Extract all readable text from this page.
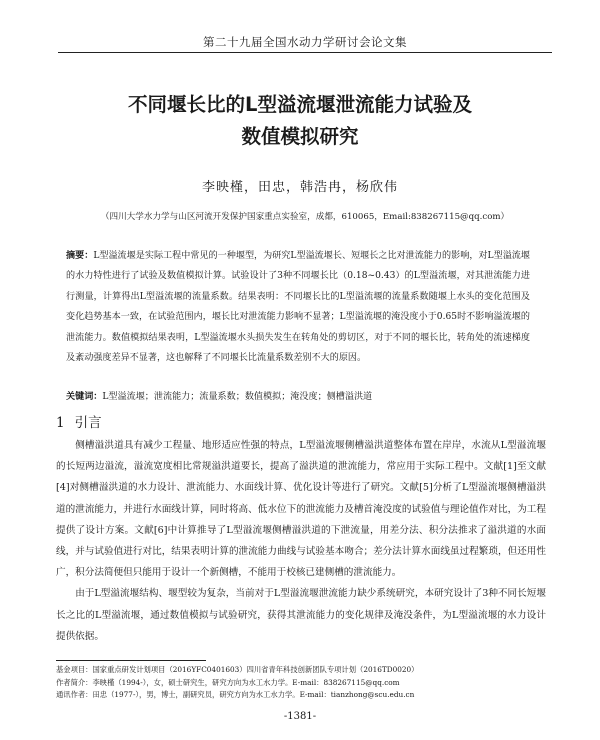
第二十九届全国水动力学研讨会论文集
不同堰长比的L型溢流堰泄流能力试验及
数值模拟研究
李映槿，田忠，韩浩冉，杨欣伟
（四川大学水力学与山区河流开发保护国家重点实验室，成都，610065，Email:838267115@qq.com）
摘要：L型溢流堰是实际工程中常见的一种堰型，为研究L型溢流堰长、短堰长之比对泄流能力的影响，对L型溢流堰的水力特性进行了试验及数值模拟计算。试验设计了3种不同堰长比（0.18~0.43）的L型溢流堰，对其泄流能力进行测量，计算得出L型溢流堰的流量系数。结果表明：不同堰长比的L型溢流堰的流量系数随堰上水头的变化范围及变化趋势基本一致，在试验范围内，堰长比对泄流能力影响不显著；L型溢流堰的淹没度小于0.65时不影响溢流堰的泄流能力。数值模拟结果表明，L型溢流堰水头损失发生在转角处的剪切区，对于不同的堰长比，转角处的流速梯度及紊动强度差异不显著，这也解释了不同堰长比流量系数差别不大的原因。
关键词：L型溢流堰；泄流能力；流量系数；数值模拟；淹没度；侧槽溢洪道
1 引言

侧槽溢洪道具有减少工程量、地形适应性强的特点，L型溢流堰侧槽溢洪道整体布置在岸岸，水流从L型溢流堰的长短两边溢流，溢流宽度相比常规溢洪道要长，提高了溢洪道的泄流能力，常应用于实际工程中。文献[1]至文献[4]对侧槽溢洪道的水力设计、泄流能力、水面线计算、优化设计等进行了研究。文献[5]分析了L型溢流堰侧槽溢洪道的泄流能力，并进行水面线计算，同时将高、低水位下的泄流能力及槽首淹没度的试验值与理论值作对比，为工程提供了设计方案。文献[6]中计算推导了L型溢流堰侧槽溢洪道的下泄流量，用差分法、积分法推求了溢洪道的水面线，并与试验值进行对比，结果表明计算的泄流能力曲线与试验基本吻合；差分法计算水面线虽过程繁琐，但还用性广，积分法简便但只能用于设计一个新侧槽，不能用于校核已建侧槽的泄流能力。

由于L型溢流堰结构、堰型较为复杂，当前对于L型溢流堰泄流能力缺少系统研究，本研究设计了3种不同长短堰长之比的L型溢流堰，通过数值模拟与试验研究，获得其泄流能力的变化规律及淹没条件，为L型溢流堰的水力设计提供依据。

基金项目：国家重点研发计划项目（2016YFC0401603）四川省青年科技创新团队专项计划（2016TD0020）
作者简介：李映槿（1994-），女，硕士研究生，研究方向为水工水力学。E-mail：838267115@qq.com
通讯作者：田忠（1977-），男，博士，副研究员，研究方向为水工水力学。E-mail：tianzhong@scu.edu.cn
-1381-
